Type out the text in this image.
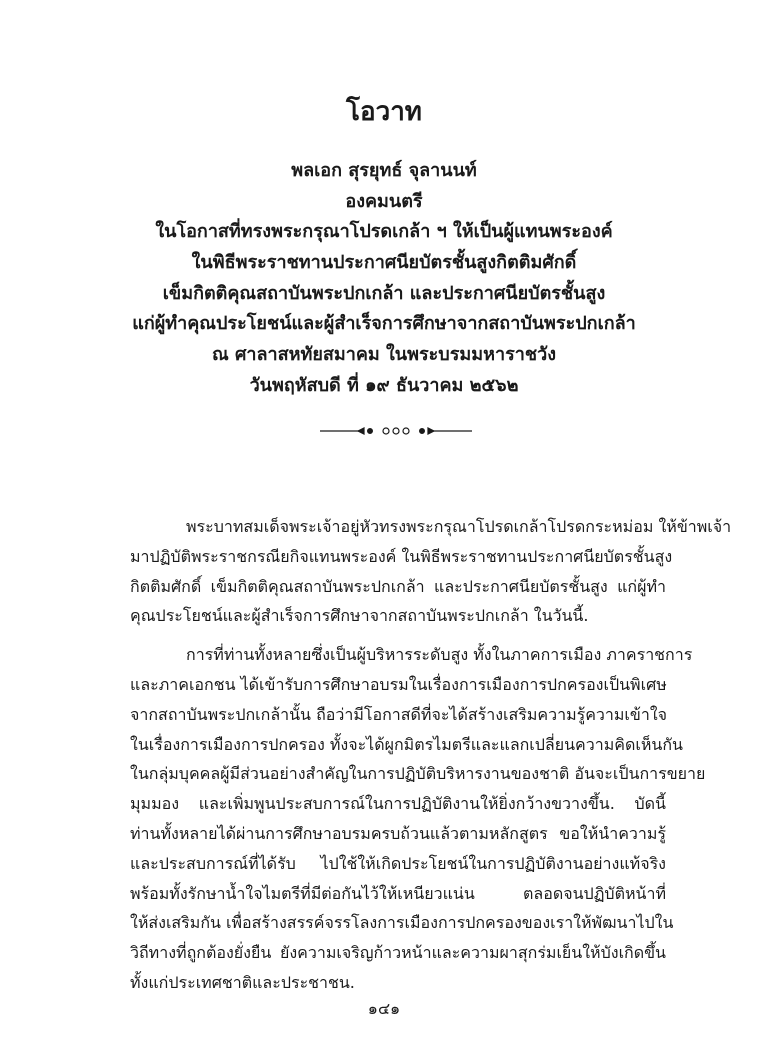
โอวาท
พลเอก สุรยุทธ์ จุลานนท์
องคมนตรี
ในโอกาสที่ทรงพระกรุณาโปรดเกล้า ฯ ให้เป็นผู้แทนพระองค์
ในพิธีพระราชทานประกาศนียบัตรชั้นสูงกิตติมศักดิ์
เข็มกิตติคุณสถาบันพระปกเกล้า และประกาศนียบัตรชั้นสูง
แก่ผู้ทำคุณประโยชน์และผู้สำเร็จการศึกษาจากสถาบันพระปกเกล้า
ณ ศาลาสหทัยสมาคม ในพระบรมมหาราชวัง
วันพฤหัสบดี ที่ ๑๙ ธันวาคม ๒๕๖๒
พระบาทสมเด็จพระเจ้าอยู่หัวทรงพระกรุณาโปรดเกล้าโปรดกระหม่อม ให้ข้าพเจ้า
มาปฏิบัติพระราชกรณียกิจแทนพระองค์ ในพิธีพระราชทานประกาศนียบัตรชั้นสูง
กิตติมศักดิ์ เข็มกิตติคุณสถาบันพระปกเกล้า และประกาศนียบัตรชั้นสูง แก่ผู้ทำ
คุณประโยชน์และผู้สำเร็จการศึกษาจากสถาบันพระปกเกล้า ในวันนี้.
การที่ท่านทั้งหลายซึ่งเป็นผู้บริหารระดับสูง ทั้งในภาคการเมือง ภาคราชการ
และภาคเอกชน ได้เข้ารับการศึกษาอบรมในเรื่องการเมืองการปกครองเป็นพิเศษ
จากสถาบันพระปกเกล้านั้น ถือว่ามีโอกาสดีที่จะได้สร้างเสริมความรู้ความเข้าใจ
ในเรื่องการเมืองการปกครอง ทั้งจะได้ผูกมิตรไมตรีและแลกเปลี่ยนความคิดเห็นกัน
ในกลุ่มบุคคลผู้มีส่วนอย่างสำคัญในการปฏิบัติบริหารงานของชาติ อันจะเป็นการขยาย
มุมมอง และเพิ่มพูนประสบการณ์ในการปฏิบัติงานให้ยิ่งกว้างขวางขึ้น. บัดนี้
ท่านทั้งหลายได้ผ่านการศึกษาอบรมครบถ้วนแล้วตามหลักสูตร ขอให้นำความรู้
และประสบการณ์ที่ได้รับ ไปใช้ให้เกิดประโยชน์ในการปฏิบัติงานอย่างแท้จริง
พร้อมทั้งรักษาน้ำใจไมตรีที่มีต่อกันไว้ให้เหนียวแน่น ตลอดจนปฏิบัติหน้าที่
ให้ส่งเสริมกัน เพื่อสร้างสรรค์จรรโลงการเมืองการปกครองของเราให้พัฒนาไปใน
วิถีทางที่ถูกต้องยั่งยืน ยังความเจริญก้าวหน้าและความผาสุกร่มเย็นให้บังเกิดขึ้น
ทั้งแก่ประเทศชาติและประชาชน.
๑๔๑
